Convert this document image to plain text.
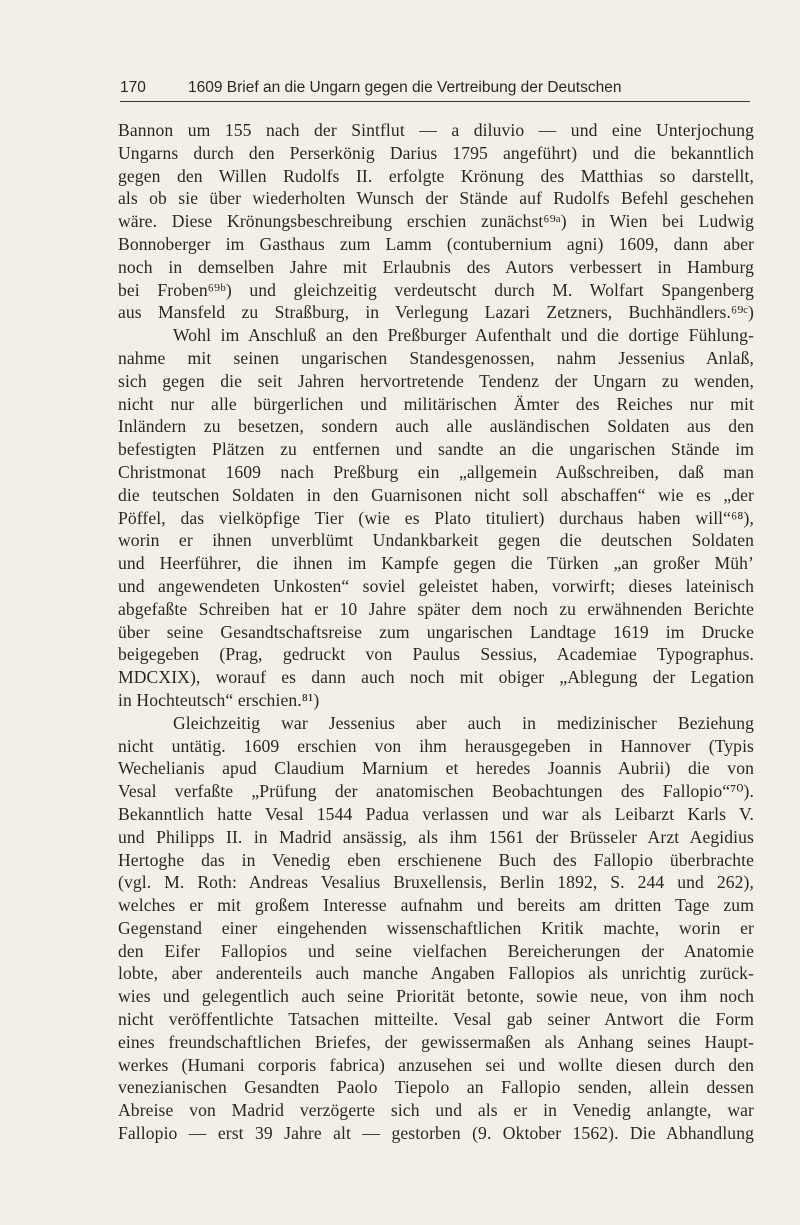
170	1609 Brief an die Ungarn gegen die Vertreibung der Deutschen
Bannon um 155 nach der Sintflut — a diluvio — und eine Unterjochung
Ungarns durch den Perserkönig Darius 1795 angeführt) und die bekanntlich
gegen den Willen Rudolfs II. erfolgte Krönung des Matthias so darstellt,
als ob sie über wiederholten Wunsch der Stände auf Rudolfs Befehl geschehen
wäre. Diese Krönungsbeschreibung erschien zunächst⁶⁹ᵃ) in Wien bei Ludwig
Bonnoberger im Gasthaus zum Lamm (contubernium agni) 1609, dann aber
noch in demselben Jahre mit Erlaubnis des Autors verbessert in Hamburg
bei Froben⁶⁹ᵇ) und gleichzeitig verdeutscht durch M. Wolfart Spangenberg
aus Mansfeld zu Straßburg, in Verlegung Lazari Zetzners, Buchhändlers.⁶⁹ᶜ)
Wohl im Anschluß an den Preßburger Aufenthalt und die dortige Fühlung-
nahme mit seinen ungarischen Standesgenossen, nahm Jessenius Anlaß,
sich gegen die seit Jahren hervortretende Tendenz der Ungarn zu wenden,
nicht nur alle bürgerlichen und militärischen Ämter des Reiches nur mit
Inländern zu besetzen, sondern auch alle ausländischen Soldaten aus den
befestigten Plätzen zu entfernen und sandte an die ungarischen Stände im
Christmonat 1609 nach Preßburg ein „allgemein Außschreiben, daß man
die teutschen Soldaten in den Guarnisonen nicht soll abschaffen“ wie es „der
Pöffel, das vielköpfige Tier (wie es Plato tituliert) durchaus haben will“⁶⁸),
worin er ihnen unverblümt Undankbarkeit gegen die deutschen Soldaten
und Heerführer, die ihnen im Kampfe gegen die Türken „an großer Müh’
und angewendeten Unkosten“ soviel geleistet haben, vorwirft; dieses lateinisch
abgefaßte Schreiben hat er 10 Jahre später dem noch zu erwähnenden Berichte
über seine Gesandtschaftsreise zum ungarischen Landtage 1619 im Drucke
beigegeben (Prag, gedruckt von Paulus Sessius, Academiae Typographus.
MDCXIX), worauf es dann auch noch mit obiger „Ablegung der Legation
in Hochteutsch“ erschien.⁸¹)
Gleichzeitig war Jessenius aber auch in medizinischer Beziehung
nicht untätig. 1609 erschien von ihm herausgegeben in Hannover (Typis
Wechelianis apud Claudium Marnium et heredes Joannis Aubrii) die von
Vesal verfaßte „Prüfung der anatomischen Beobachtungen des Fallopio“⁷⁰).
Bekanntlich hatte Vesal 1544 Padua verlassen und war als Leibarzt Karls V.
und Philipps II. in Madrid ansässig, als ihm 1561 der Brüsseler Arzt Aegidius
Hertoghe das in Venedig eben erschienene Buch des Fallopio überbrachte
(vgl. M. Roth: Andreas Vesalius Bruxellensis, Berlin 1892, S. 244 und 262),
welches er mit großem Interesse aufnahm und bereits am dritten Tage zum
Gegenstand einer eingehenden wissenschaftlichen Kritik machte, worin er
den Eifer Fallopios und seine vielfachen Bereicherungen der Anatomie
lobte, aber anderenteils auch manche Angaben Fallopios als unrichtig zurück-
wies und gelegentlich auch seine Priorität betonte, sowie neue, von ihm noch
nicht veröffentlichte Tatsachen mitteilte. Vesal gab seiner Antwort die Form
eines freundschaftlichen Briefes, der gewissermaßen als Anhang seines Haupt-
werkes (Humani corporis fabrica) anzusehen sei und wollte diesen durch den
venezianischen Gesandten Paolo Tiepolo an Fallopio senden, allein dessen
Abreise von Madrid verzögerte sich und als er in Venedig anlangte, war
Fallopio — erst 39 Jahre alt — gestorben (9. Oktober 1562). Die Abhandlung
